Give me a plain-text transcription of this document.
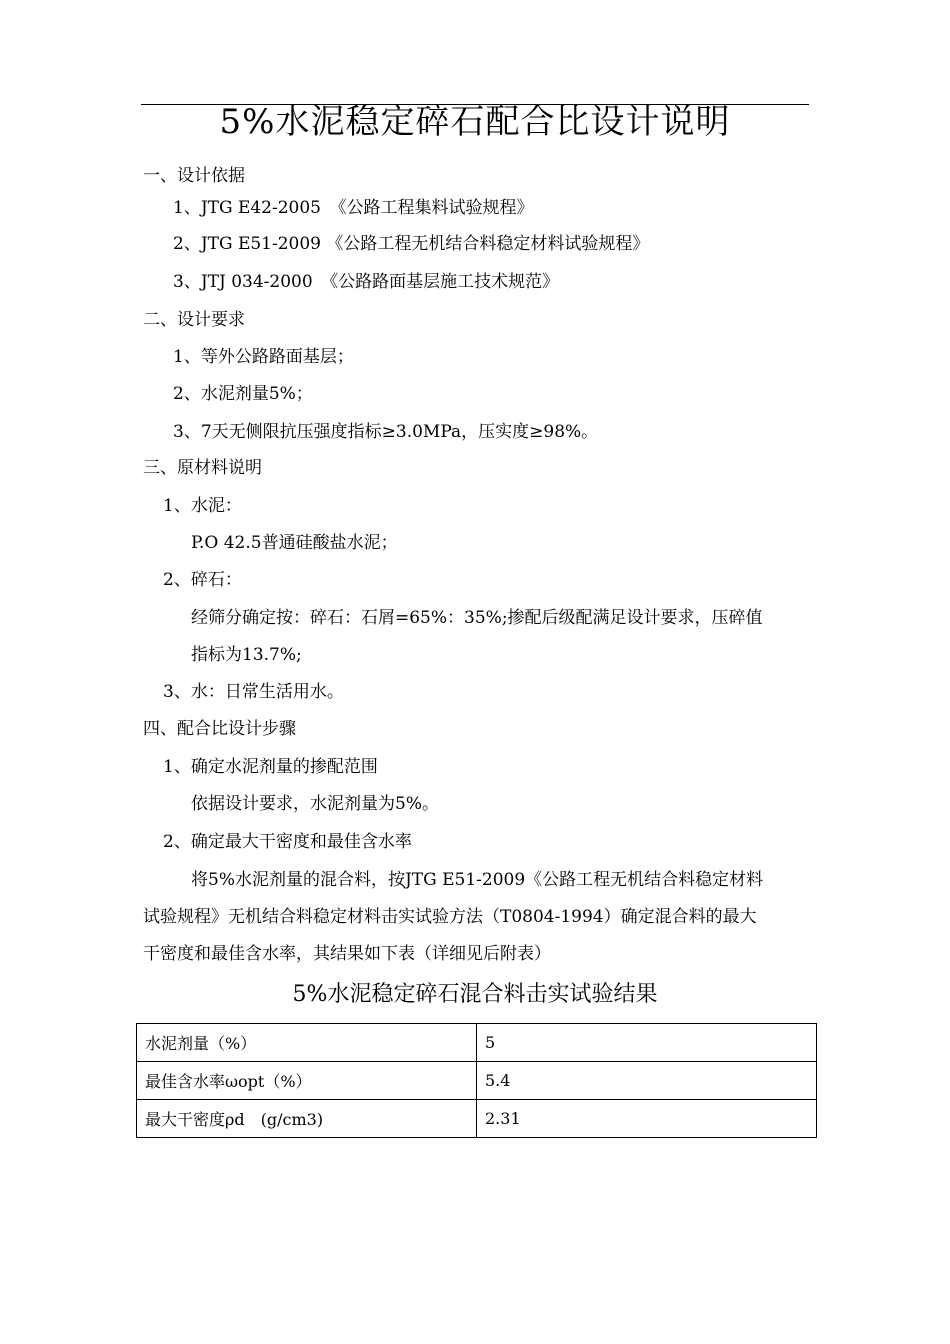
5%水泥稳定碎石配合比设计说明
一、设计依据
1、JTG E42-2005　《公路工程集料试验规程》
2、JTG E51-2009 《公路工程无机结合料稳定材料试验规程》
3、JTJ 034-2000　《公路路面基层施工技术规范》
二、设计要求
1、等外公路路面基层；
2、水泥剂量5%；
3、7天无侧限抗压强度指标≥3.0MPa，压实度≥98%。
三、原材料说明
1、水泥：
P.O 42.5普通硅酸盐水泥；
2、碎石：
经筛分确定按：碎石：石屑=65%：35%;掺配后级配满足设计要求，压碎值
指标为13.7%;
3、水：日常生活用水。
四、配合比设计步骤
1、确定水泥剂量的掺配范围
依据设计要求，水泥剂量为5%。
2、确定最大干密度和最佳含水率
将5%水泥剂量的混合料，按JTG E51-2009《公路工程无机结合料稳定材料
试验规程》无机结合料稳定材料击实试验方法（T0804-1994）确定混合料的最大
干密度和最佳含水率，其结果如下表（详细见后附表）
5%水泥稳定碎石混合料击实试验结果
水泥剂量（%）	5
最佳含水率ωopt（%）	5.4
最大干密度ρd　(g/cm3)	2.31
